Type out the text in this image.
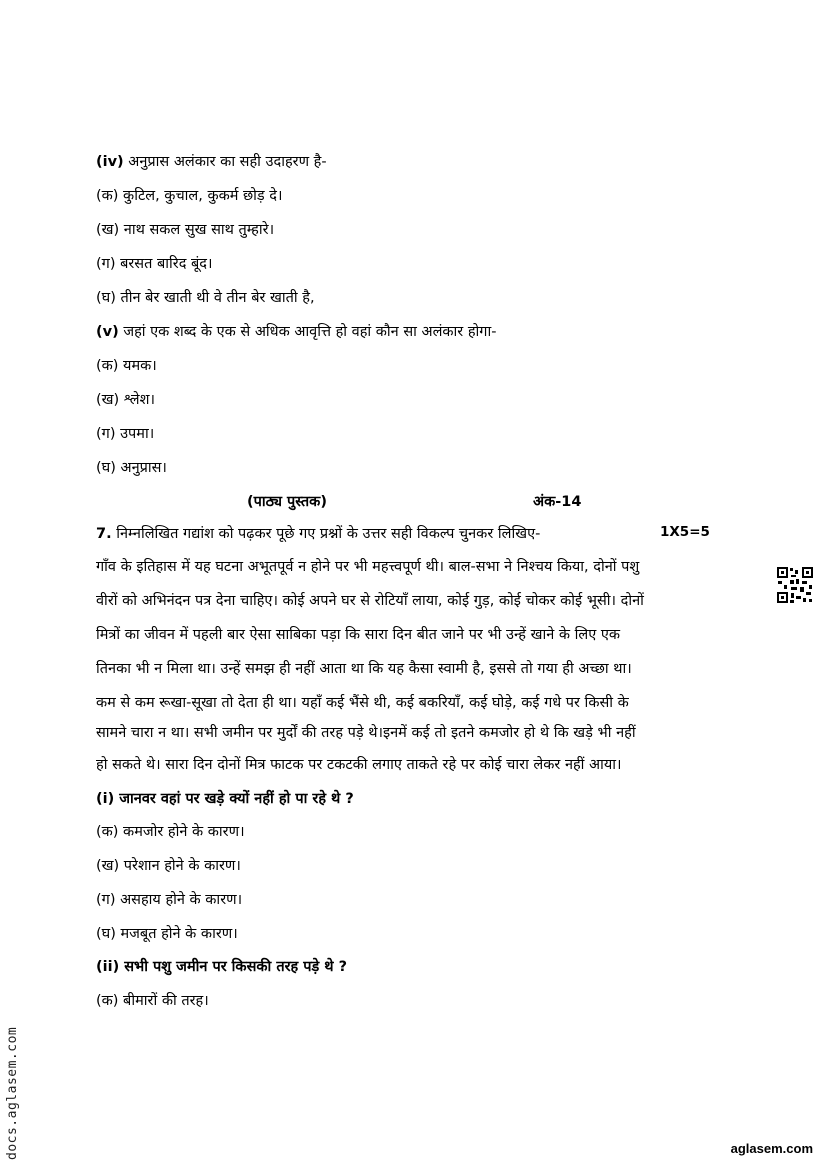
(iv) अनुप्रास अलंकार का सही उदाहरण है-
(क) कुटिल, कुचाल, कुकर्म छोड़ दे।
(ख) नाथ सकल सुख साथ तुम्हारे।
(ग) बरसत बारिद बूंद।
(घ) तीन बेर खाती थी वे तीन बेर खाती है,
(v) जहां एक शब्द के एक से अधिक आवृत्ति हो वहां कौन सा अलंकार होगा-
(क) यमक।
(ख) श्लेश।
(ग) उपमा।
(घ) अनुप्रास।
(पाठ्य पुस्तक)	अंक-14
7. निम्नलिखित गद्यांश को पढ़कर पूछे गए प्रश्नों के उत्तर सही विकल्प चुनकर लिखिए-	1X5=5
गाँव के इतिहास में यह घटना अभूतपूर्व न होने पर भी महत्त्वपूर्ण थी। बाल-सभा ने निश्चय किया, दोनों पशु
वीरों को अभिनंदन पत्र देना चाहिए। कोई अपने घर से रोटियाँ लाया, कोई गुड़, कोई चोकर कोई भूसी। दोनों
मित्रों का जीवन में पहली बार ऐसा साबिका पड़ा कि सारा दिन बीत जाने पर भी उन्हें खाने के लिए एक
तिनका भी न मिला था। उन्हें समझ ही नहीं आता था कि यह कैसा स्वामी है, इससे तो गया ही अच्छा था।
कम से कम रूखा-सूखा तो देता ही था। यहाँ कई भैंसे थी, कई बकरियाँ, कई घोड़े, कई गधे पर किसी के
सामने चारा न था। सभी जमीन पर मुर्दों की तरह पड़े थे।इनमें कई तो इतने कमजोर हो थे कि खड़े भी नहीं
हो सकते थे। सारा दिन दोनों मित्र फाटक पर टकटकी लगाए ताकते रहे पर कोई चारा लेकर नहीं आया।
(i) जानवर वहां पर खड़े क्यों नहीं हो पा रहे थे ?
(क) कमजोर होने के कारण।
(ख) परेशान होने के कारण।
(ग) असहाय होने के कारण।
(घ) मजबूत होने के कारण।
(ii) सभी पशु जमीन पर किसकी तरह पड़े थे ?
(क) बीमारों की तरह।
docs.aglasem.com	aglasem.com
